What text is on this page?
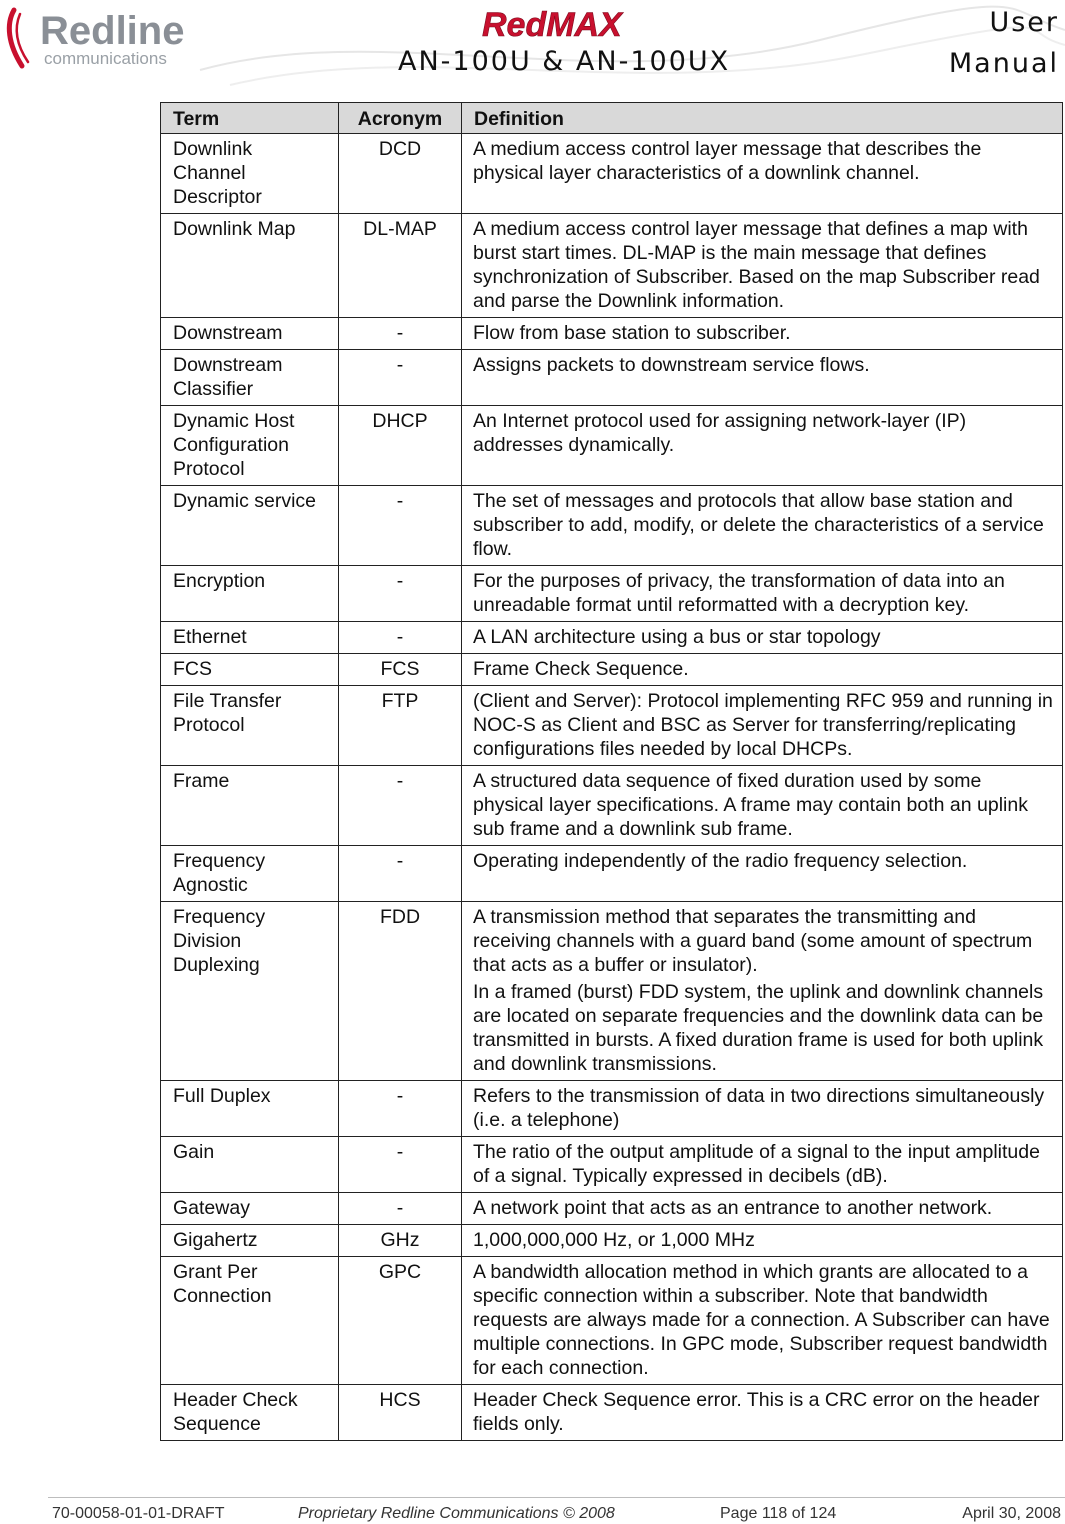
Redline
communications
RedMAX
AN-100U & AN-100UX
User
Manual
Term	Acronym	Definition
Downlink Channel Descriptor	DCD	A medium access control layer message that describes the physical layer characteristics of a downlink channel.

Downlink Map	DL-MAP	A medium access control layer message that defines a map with burst start times. DL-MAP is the main message that defines synchronization of Subscriber. Based on the map Subscriber read and parse the Downlink information.

Downstream	-	Flow from base station to subscriber.

Downstream Classifier	-	Assigns packets to downstream service flows.

Dynamic Host Configuration Protocol	DHCP	An Internet protocol used for assigning network-layer (IP) addresses dynamically.

Dynamic service	-	The set of messages and protocols that allow base station and subscriber to add, modify, or delete the characteristics of a service flow.

Encryption	-	For the purposes of privacy, the transformation of data into an unreadable format until reformatted with a decryption key.

Ethernet	-	A LAN architecture using a bus or star topology

FCS	FCS	Frame Check Sequence.

File Transfer Protocol	FTP	(Client and Server): Protocol implementing RFC 959 and running in NOC-S as Client and BSC as Server for transferring/replicating configurations files needed by local DHCPs.

Frame	-	A structured data sequence of fixed duration used by some physical layer specifications. A frame may contain both an uplink sub frame and a downlink sub frame.

Frequency Agnostic	-	Operating independently of the radio frequency selection.

Frequency Division Duplexing	FDD	A transmission method that separates the transmitting and receiving channels with a guard band (some amount of spectrum that acts as a buffer or insulator).
In a framed (burst) FDD system, the uplink and downlink channels are located on separate frequencies and the downlink data can be transmitted in bursts. A fixed duration frame is used for both uplink and downlink transmissions.

Full Duplex	-	Refers to the transmission of data in two directions simultaneously (i.e. a telephone)

Gain	-	The ratio of the output amplitude of a signal to the input amplitude of a signal. Typically expressed in decibels (dB).

Gateway	-	A network point that acts as an entrance to another network.

Gigahertz	GHz	1,000,000,000 Hz, or 1,000 MHz

Grant Per Connection	GPC	A bandwidth allocation method in which grants are allocated to a specific connection within a subscriber. Note that bandwidth requests are always made for a connection. A Subscriber can have multiple connections. In GPC mode, Subscriber request bandwidth for each connection.

Header Check Sequence	HCS	Header Check Sequence error. This is a CRC error on the header fields only.
70-00058-01-01-DRAFT	Proprietary Redline Communications © 2008	Page 118 of 124	April 30, 2008
